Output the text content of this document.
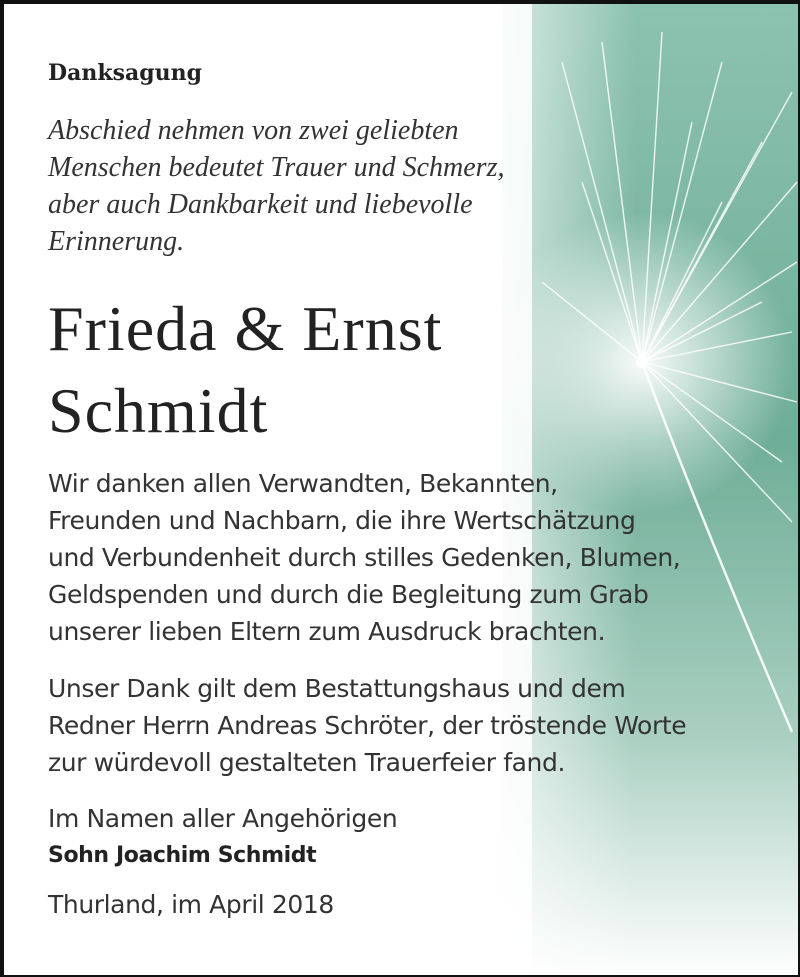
Danksagung
Abschied nehmen von zwei geliebten
Menschen bedeutet Trauer und Schmerz,
aber auch Dankbarkeit und liebevolle
Erinnerung.
Frieda & Ernst
Schmidt
Wir danken allen Verwandten, Bekannten,
Freunden und Nachbarn, die ihre Wertschätzung
und Verbundenheit durch stilles Gedenken, Blumen,
Geldspenden und durch die Begleitung zum Grab
unserer lieben Eltern zum Ausdruck brachten.
Unser Dank gilt dem Bestattungshaus und dem
Redner Herrn Andreas Schröter, der tröstende Worte
zur würdevoll gestalteten Trauerfeier fand.
Im Namen aller Angehörigen
Sohn Joachim Schmidt
Thurland, im April 2018
